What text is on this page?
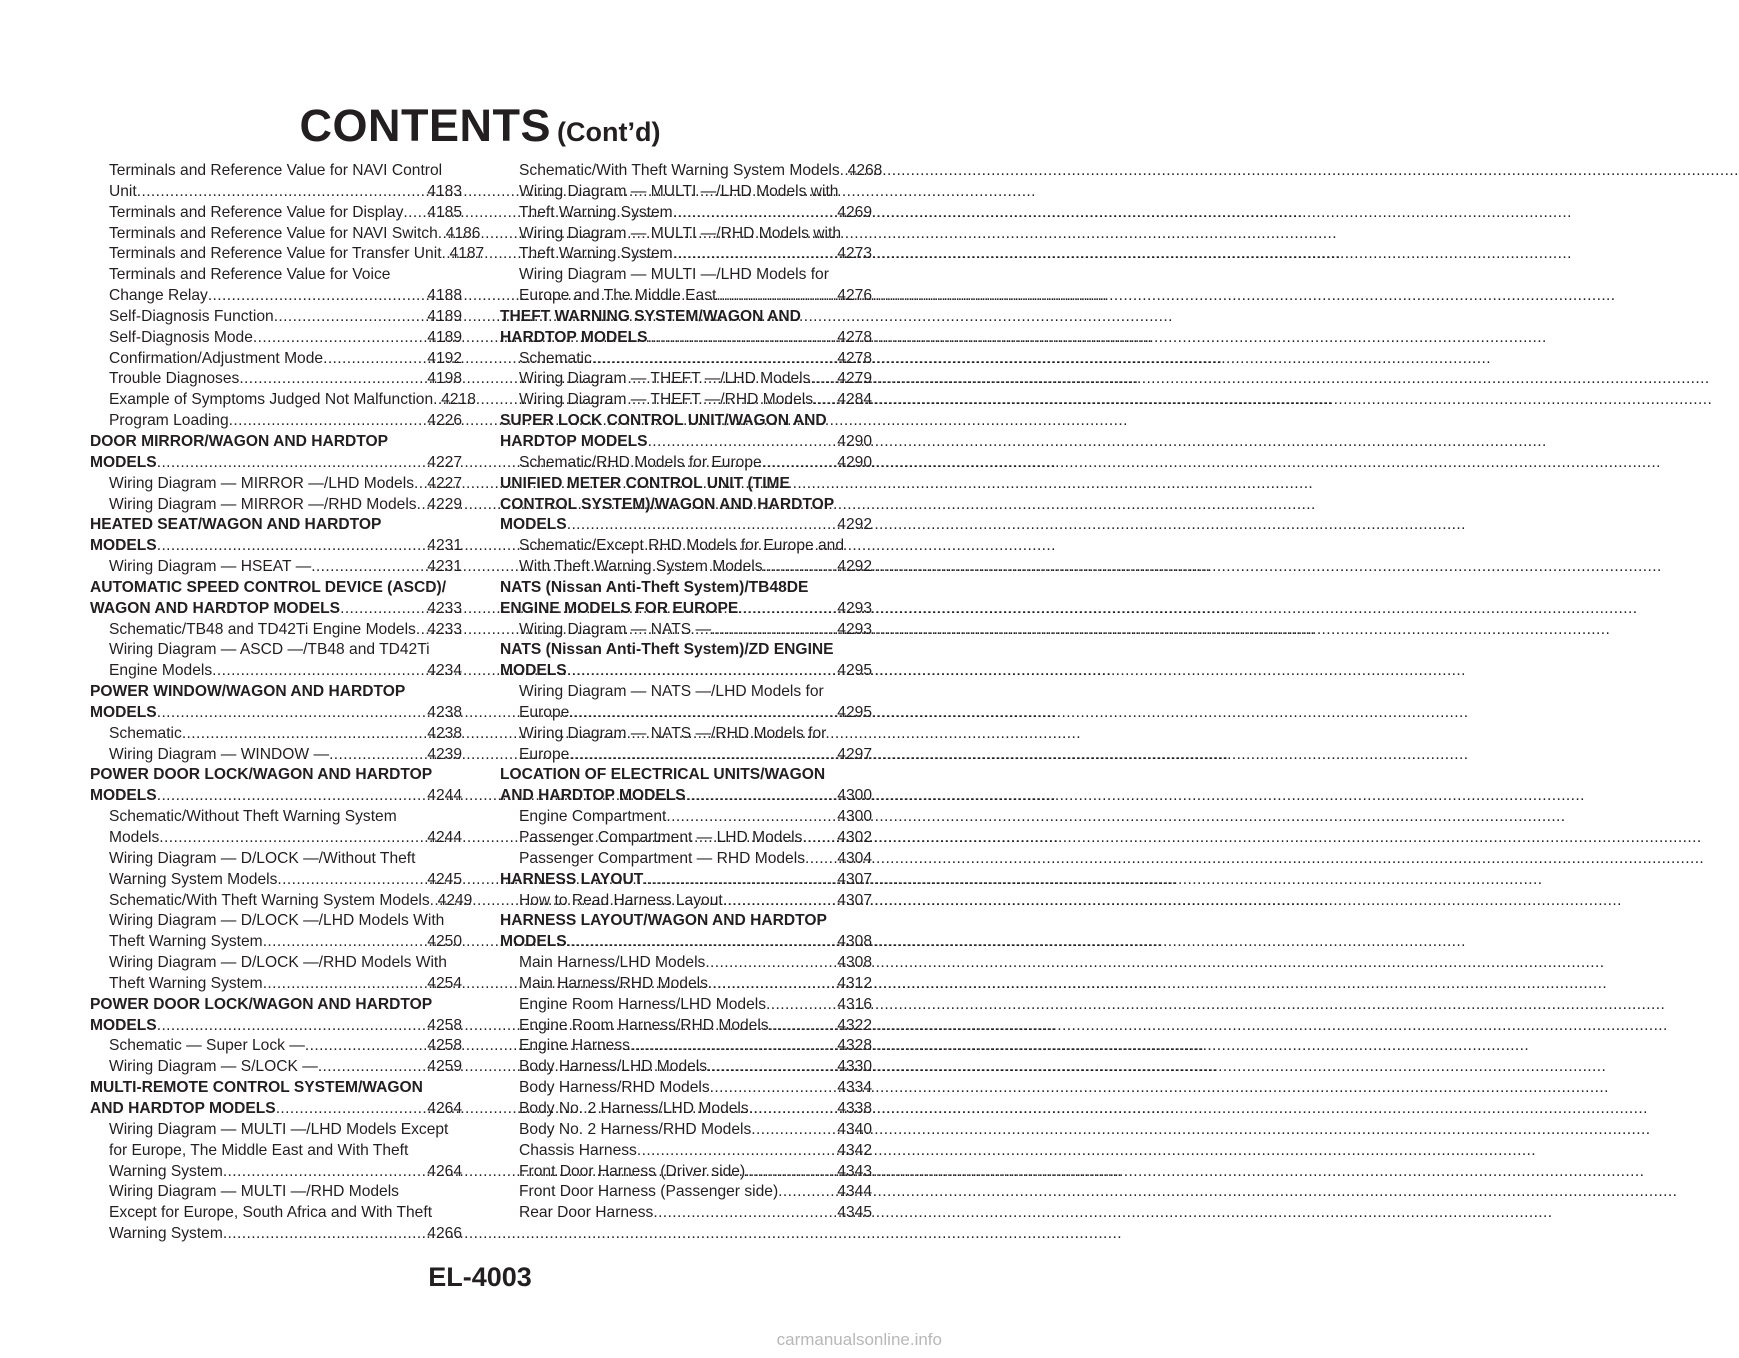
CONTENTS (Cont’d)
Terminals and Reference Value for NAVI Control
Unit .....	4183
Terminals and Reference Value for Display ..... 4185
Terminals and Reference Value for NAVI Switch ..... 4186
Terminals and Reference Value for Transfer Unit ..... 4187
Terminals and Reference Value for Voice
Change Relay .....	4188
Self-Diagnosis Function .....	4189
Self-Diagnosis Mode .....	4189
Confirmation/Adjustment Mode .....	4192
Trouble Diagnoses .....	4198
Example of Symptoms Judged Not Malfunction ..... 4218
Program Loading .....	4226
DOOR MIRROR/WAGON AND HARDTOP
MODELS .....	4227
Wiring Diagram — MIRROR —/LHD Models ..... 4227
Wiring Diagram — MIRROR —/RHD Models ..... 4229
HEATED SEAT/WAGON AND HARDTOP
MODELS .....	4231
Wiring Diagram — HSEAT — .....	4231
AUTOMATIC SPEED CONTROL DEVICE (ASCD)/
WAGON AND HARDTOP MODELS .....	4233
Schematic/TB48 and TD42Ti Engine Models ..... 4233
Wiring Diagram — ASCD —/TB48 and TD42Ti
Engine Models .....	4234
POWER WINDOW/WAGON AND HARDTOP
MODELS .....	4238
Schematic .....	4238
Wiring Diagram — WINDOW — .....	4239
POWER DOOR LOCK/WAGON AND HARDTOP
MODELS .....	4244
Schematic/Without Theft Warning System
Models .....	4244
Wiring Diagram — D/LOCK —/Without Theft
Warning System Models .....	4245
Schematic/With Theft Warning System Models ..... 4249
Wiring Diagram — D/LOCK —/LHD Models With
Theft Warning System .....	4250
Wiring Diagram — D/LOCK —/RHD Models With
Theft Warning System .....	4254
POWER DOOR LOCK/WAGON AND HARDTOP
MODELS .....	4258
Schematic — Super Lock — .....	4258
Wiring Diagram — S/LOCK — .....	4259
MULTI-REMOTE CONTROL SYSTEM/WAGON
AND HARDTOP MODELS .....	4264
Wiring Diagram — MULTI —/LHD Models Except
for Europe, The Middle East and With Theft
Warning System .....	4264
Wiring Diagram — MULTI —/RHD Models
Except for Europe, South Africa and With Theft
Warning System .....	4266
Schematic/With Theft Warning System Models ..... 4268
Wiring Diagram — MULTI —/LHD Models with
Theft Warning System .....	4269
Wiring Diagram — MULTI —/RHD Models with
Theft Warning System .....	4273
Wiring Diagram — MULTI —/LHD Models for
Europe and The Middle East .....	4276
THEFT WARNING SYSTEM/WAGON AND
HARDTOP MODELS .....	4278
Schematic .....	4278
Wiring Diagram — THEFT —/LHD Models ..... 4279
Wiring Diagram — THEFT —/RHD Models ..... 4284
SUPER LOCK CONTROL UNIT/WAGON AND
HARDTOP MODELS .....	4290
Schematic/RHD Models for Europe .....	4290
UNIFIED METER CONTROL UNIT (TIME
CONTROL SYSTEM)/WAGON AND HARDTOP
MODELS .....	4292
Schematic/Except RHD Models for Europe and
With Theft Warning System Models .....	4292
NATS (Nissan Anti-Theft System)/TB48DE
ENGINE MODELS FOR EUROPE .....	4293
Wiring Diagram — NATS — .....	4293
NATS (Nissan Anti-Theft System)/ZD ENGINE
MODELS .....	4295
Wiring Diagram — NATS —/LHD Models for
Europe .....	4295
Wiring Diagram — NATS —/RHD Models for
Europe .....	4297
LOCATION OF ELECTRICAL UNITS/WAGON
AND HARDTOP MODELS .....	4300
Engine Compartment .....	4300
Passenger Compartment — LHD Models ..... 4302
Passenger Compartment — RHD Models ..... 4304
HARNESS LAYOUT .....	4307
How to Read Harness Layout .....	4307
HARNESS LAYOUT/WAGON AND HARDTOP
MODELS .....	4308
Main Harness/LHD Models .....	4308
Main Harness/RHD Models .....	4312
Engine Room Harness/LHD Models .....	4316
Engine Room Harness/RHD Models .....	4322
Engine Harness .....	4328
Body Harness/LHD Models .....	4330
Body Harness/RHD Models .....	4334
Body No. 2 Harness/LHD Models .....	4338
Body No. 2 Harness/RHD Models .....	4340
Chassis Harness .....	4342
Front Door Harness (Driver side) .....	4343
Front Door Harness (Passenger side) .....	4344
Rear Door Harness .....	4345
EL-4003
carmanualsonline.info
